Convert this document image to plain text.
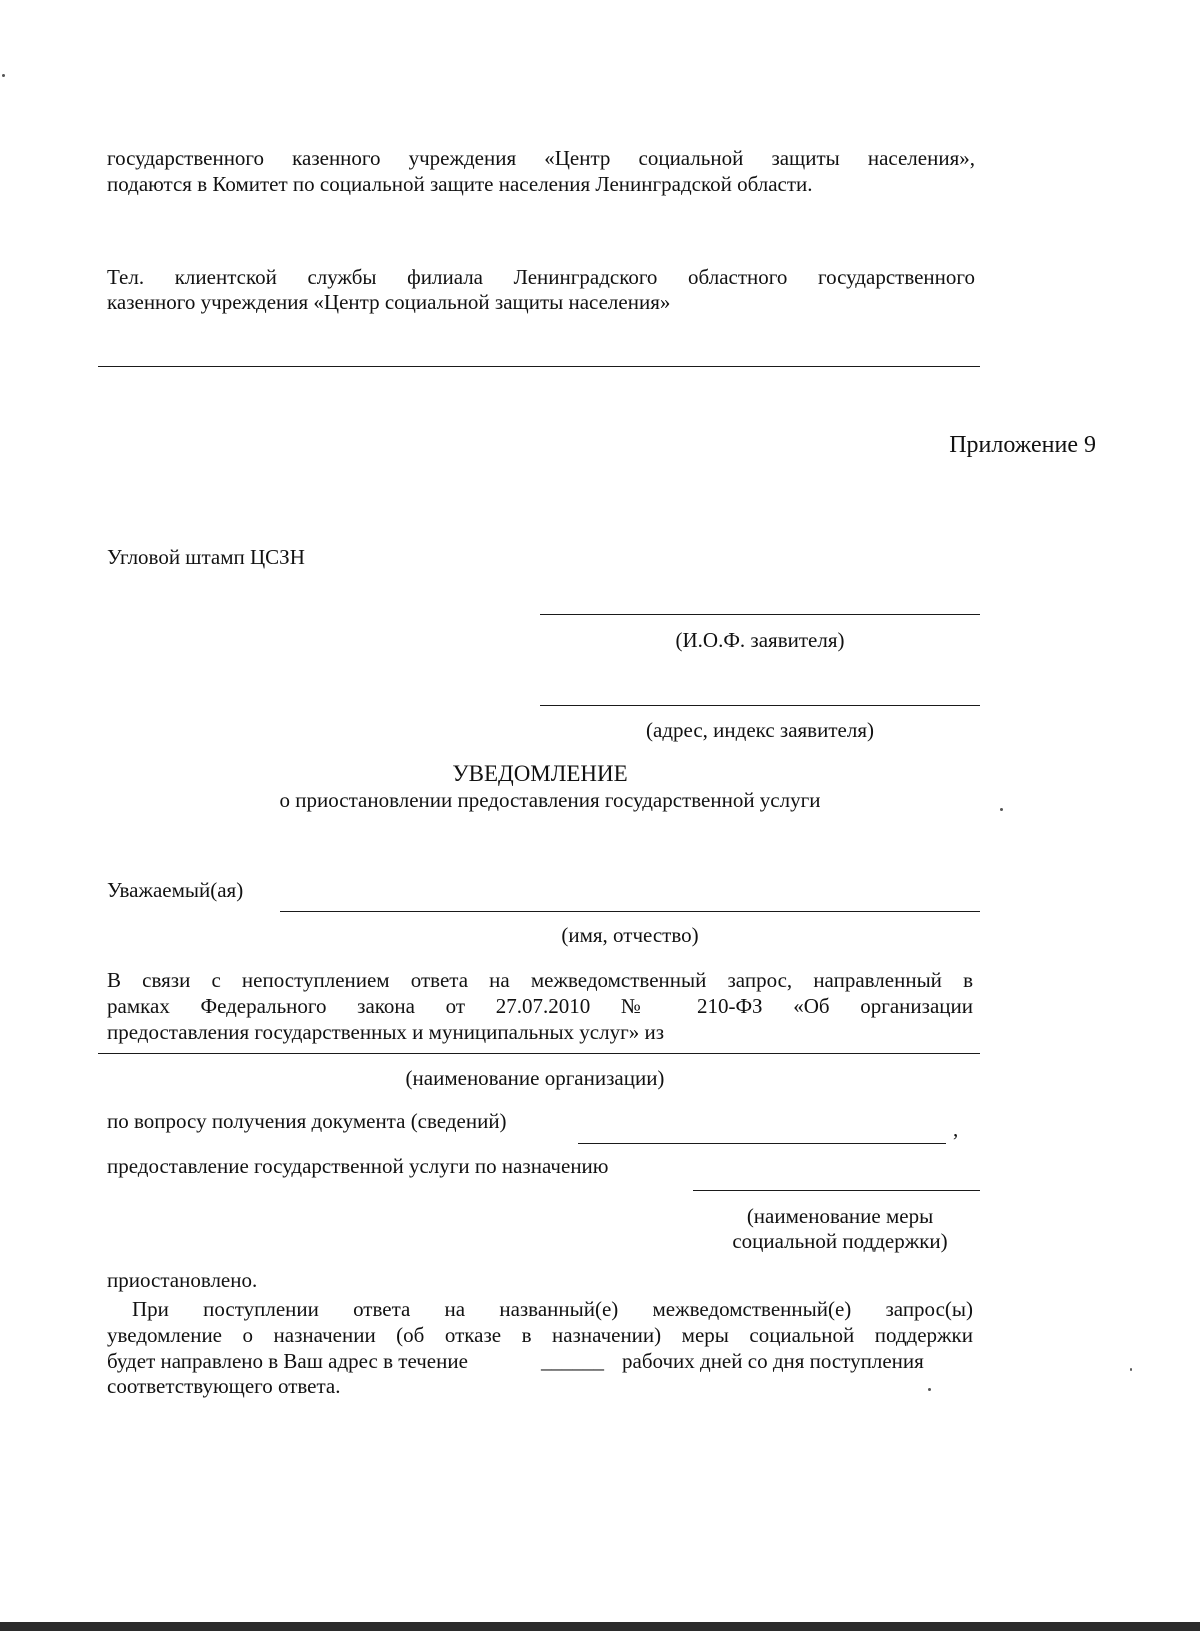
государственного казенного учреждения «Центр социальной защиты населения»,
подаются в Комитет по социальной защите населения Ленинградской области.
Тел. клиентской службы филиала Ленинградского областного государственного
казенного учреждения «Центр социальной защиты населения»
Приложение 9
Угловой штамп ЦСЗН
(И.О.Ф. заявителя)
(адрес, индекс заявителя)
УВЕДОМЛЕНИЕ
о приостановлении предоставления государственной услуги
Уважаемый(ая)
(имя, отчество)
В связи с непоступлением ответа на межведомственный запрос, направленный в
рамках Федерального закона от 27.07.2010 № 210-ФЗ «Об организации
предоставления государственных и муниципальных услуг» из
(наименование организации)
по вопросу получения документа (сведений)	,
предоставление государственной услуги по назначению
(наименование меры
социальной поддержки)
приостановлено.
При поступлении ответа на названный(е) межведомственный(е) запрос(ы)
уведомление о назначении (об отказе в назначении) меры социальной поддержки
будет направлено в Ваш адрес в течение	______ рабочих дней со дня поступления
соответствующего ответа.
